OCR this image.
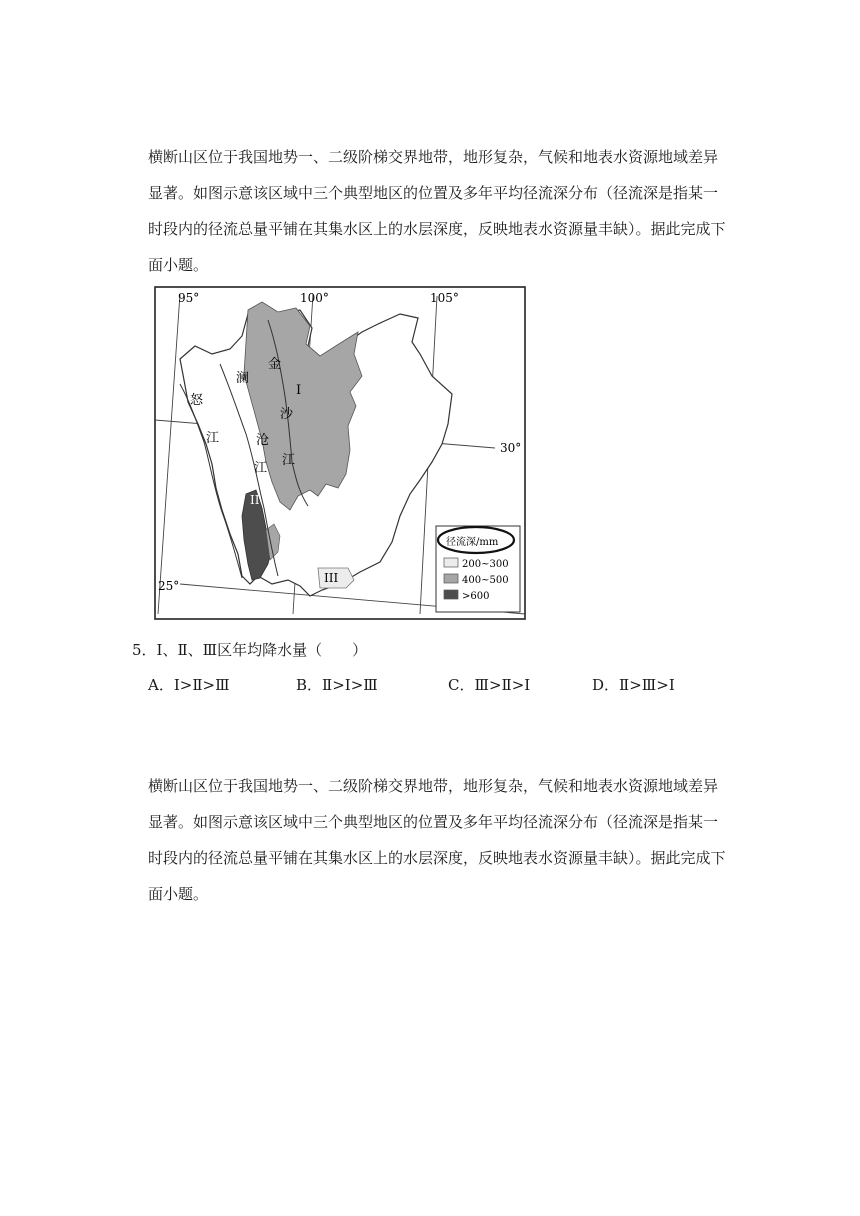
横断山区位于我国地势一、二级阶梯交界地带，地形复杂，气候和地表水资源地域差异
显著。如图示意该区域中三个典型地区的位置及多年平均径流深分布（径流深是指某一
时段内的径流总量平铺在其集水区上的水层深度，反映地表水资源量丰缺）。据此完成下
面小题。
95°	100°	105°
30°
25°
怒
江
澜
沧
江
金
沙
江
I
II
III
径流深/mm
200~300
400~500
>600
5．Ⅰ、Ⅱ、Ⅲ区年均降水量（　　）
A．Ⅰ>Ⅱ>Ⅲ	B．Ⅱ>Ⅰ>Ⅲ	C．Ⅲ>Ⅱ>Ⅰ	D．Ⅱ>Ⅲ>Ⅰ
横断山区位于我国地势一、二级阶梯交界地带，地形复杂，气候和地表水资源地域差异
显著。如图示意该区域中三个典型地区的位置及多年平均径流深分布（径流深是指某一
时段内的径流总量平铺在其集水区上的水层深度，反映地表水资源量丰缺）。据此完成下
面小题。
